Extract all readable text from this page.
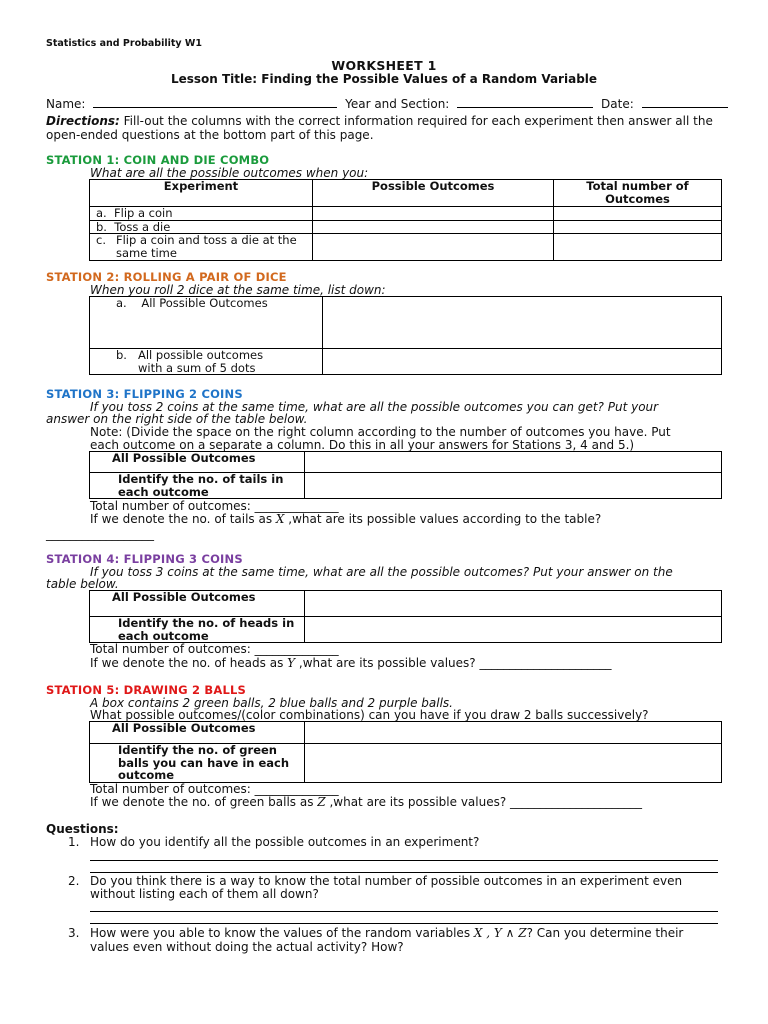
Statistics and Probability W1
WORKSHEET 1
Lesson Title: Finding the Possible Values of a Random Variable
Name:	Year and Section:	Date:
Directions: Fill-out the columns with the correct information required for each experiment then answer all the open-ended questions at the bottom part of this page.
STATION 1: COIN AND DIE COMBO
What are all the possible outcomes when you:
Experiment	Possible Outcomes	Total number of Outcomes
a. Flip a coin		
b. Toss a die		

c. Flip a coin and toss a die at the same time		

STATION 2: ROLLING A PAIR OF DICE
When you roll 2 dice at the same time, list down:
a. All Possible Outcomes	

b. All possible outcomes with a sum of 5 dots	

STATION 3: FLIPPING 2 COINS
If you toss 2 coins at the same time, what are all the possible outcomes you can get? Put your
answer on the right side of the table below.
Note: (Divide the space on the right column according to the number of outcomes you have. Put
each outcome on a separate a column. Do this in all your answers for Stations 3, 4 and 5.)
All Possible Outcomes	

Identify the no. of tails in each outcome	

Total number of outcomes: ______________
If we denote the no. of tails as X ,what are its possible values according to the table?
__________________
STATION 4: FLIPPING 3 COINS
If you toss 3 coins at the same time, what are all the possible outcomes? Put your answer on the
table below.
All Possible Outcomes	

Identify the no. of heads in each outcome	

Total number of outcomes: ______________
If we denote the no. of heads as Y ,what are its possible values? ______________________
STATION 5: DRAWING 2 BALLS
A box contains 2 green balls, 2 blue balls and 2 purple balls.
What possible outcomes/(color combinations) can you have if you draw 2 balls successively?
All Possible Outcomes	

Identify the no. of green balls you can have in each outcome	

Total number of outcomes: ______________
If we denote the no. of green balls as Z ,what are its possible values? ______________________
Questions:
1. How do you identify all the possible outcomes in an experiment?
2. Do you think there is a way to know the total number of possible outcomes in an experiment even
without listing each of them all down?
3. How were you able to know the values of the random variables X , Y ∧ Z? Can you determine their
values even without doing the actual activity? How?
